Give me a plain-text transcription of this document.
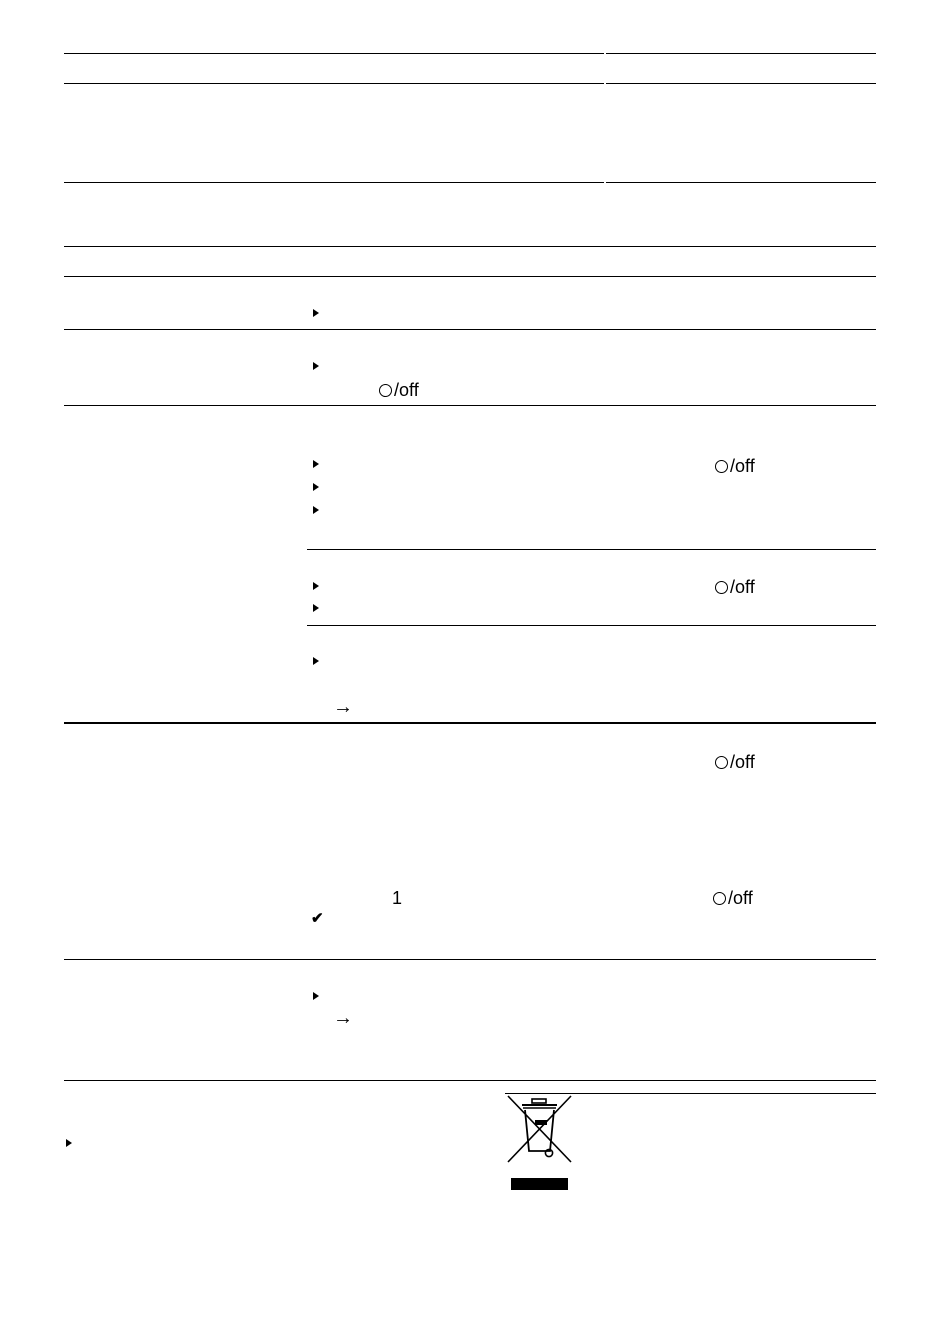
/off
/off
/off
/off
/off
1
→
→
✔
